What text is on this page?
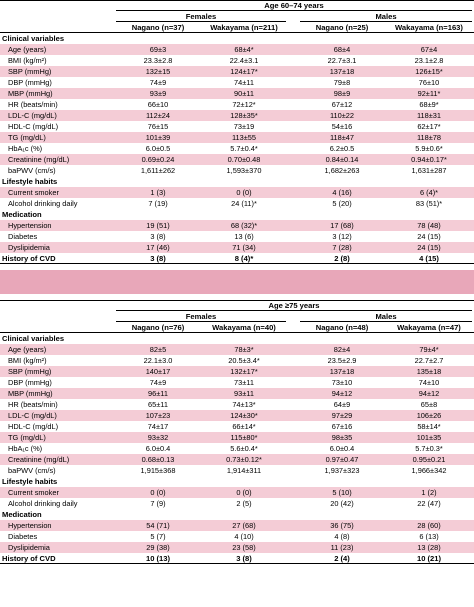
Age 60–74 years
Females	Males
Nagano (n=37)	Wakayama (n=211)	Nagano (n=25)	Wakayama (n=163)
Clinical variables
Age (years)	69±3	68±4*	68±4	67±4
BMI (kg/m²)	23.3±2.8	22.4±3.1	22.7±3.1	23.1±2.8
SBP (mmHg)	132±15	124±17*	137±18	126±15*
DBP (mmHg)	74±9	74±11	79±8	76±10
MBP (mmHg)	93±9	90±11	98±9	92±11*
HR (beats/min)	66±10	72±12*	67±12	68±9*
LDL-C (mg/dL)	112±24	128±35*	110±22	118±31
HDL-C (mg/dL)	76±15	73±19	54±16	62±17*
TG (mg/dL)	101±39	113±55	118±47	118±78
HbA₁c (%)	6.0±0.5	5.7±0.4*	6.2±0.5	5.9±0.6*
Creatinine (mg/dL)	0.69±0.24	0.70±0.48	0.84±0.14	0.94±0.17*
baPWV (cm/s)	1,611±262	1,593±370	1,682±263	1,631±287
Lifestyle habits
Current smoker	1 (3)	0 (0)	4 (16)	6 (4)*
Alcohol drinking daily	7 (19)	24 (11)*	5 (20)	83 (51)*
Medication
Hypertension	19 (51)	68 (32)*	17 (68)	78 (48)
Diabetes	3 (8)	13 (6)	3 (12)	24 (15)
Dyslipidemia	17 (46)	71 (34)	7 (28)	24 (15)
History of CVD	3 (8)	8 (4)*	2 (8)	4 (15)
Age ≥75 years
Females	Males
Nagano (n=76)	Wakayama (n=40)	Nagano (n=48)	Wakayama (n=47)
Clinical variables
Age (years)	82±5	78±3*	82±4	79±4*
BMI (kg/m²)	22.1±3.0	20.5±3.4*	23.5±2.9	22.7±2.7
SBP (mmHg)	140±17	132±17*	137±18	135±18
DBP (mmHg)	74±9	73±11	73±10	74±10
MBP (mmHg)	96±11	93±11	94±12	94±12
HR (beats/min)	65±11	74±13*	64±9	65±8
LDL-C (mg/dL)	107±23	124±30*	97±29	106±26
HDL-C (mg/dL)	74±17	66±14*	67±16	58±14*
TG (mg/dL)	93±32	115±80*	98±35	101±35
HbA₁c (%)	6.0±0.4	5.6±0.4*	6.0±0.4	5.7±0.3*
Creatinine (mg/dL)	0.68±0.13	0.73±0.12*	0.97±0.47	0.95±0.21
baPWV (cm/s)	1,915±368	1,914±311	1,937±323	1,966±342
Lifestyle habits
Current smoker	0 (0)	0 (0)	5 (10)	1 (2)
Alcohol drinking daily	7 (9)	2 (5)	20 (42)	22 (47)
Medication
Hypertension	54 (71)	27 (68)	36 (75)	28 (60)
Diabetes	5 (7)	4 (10)	4 (8)	6 (13)
Dyslipidemia	29 (38)	23 (58)	11 (23)	13 (28)
History of CVD	10 (13)	3 (8)	2 (4)	10 (21)
